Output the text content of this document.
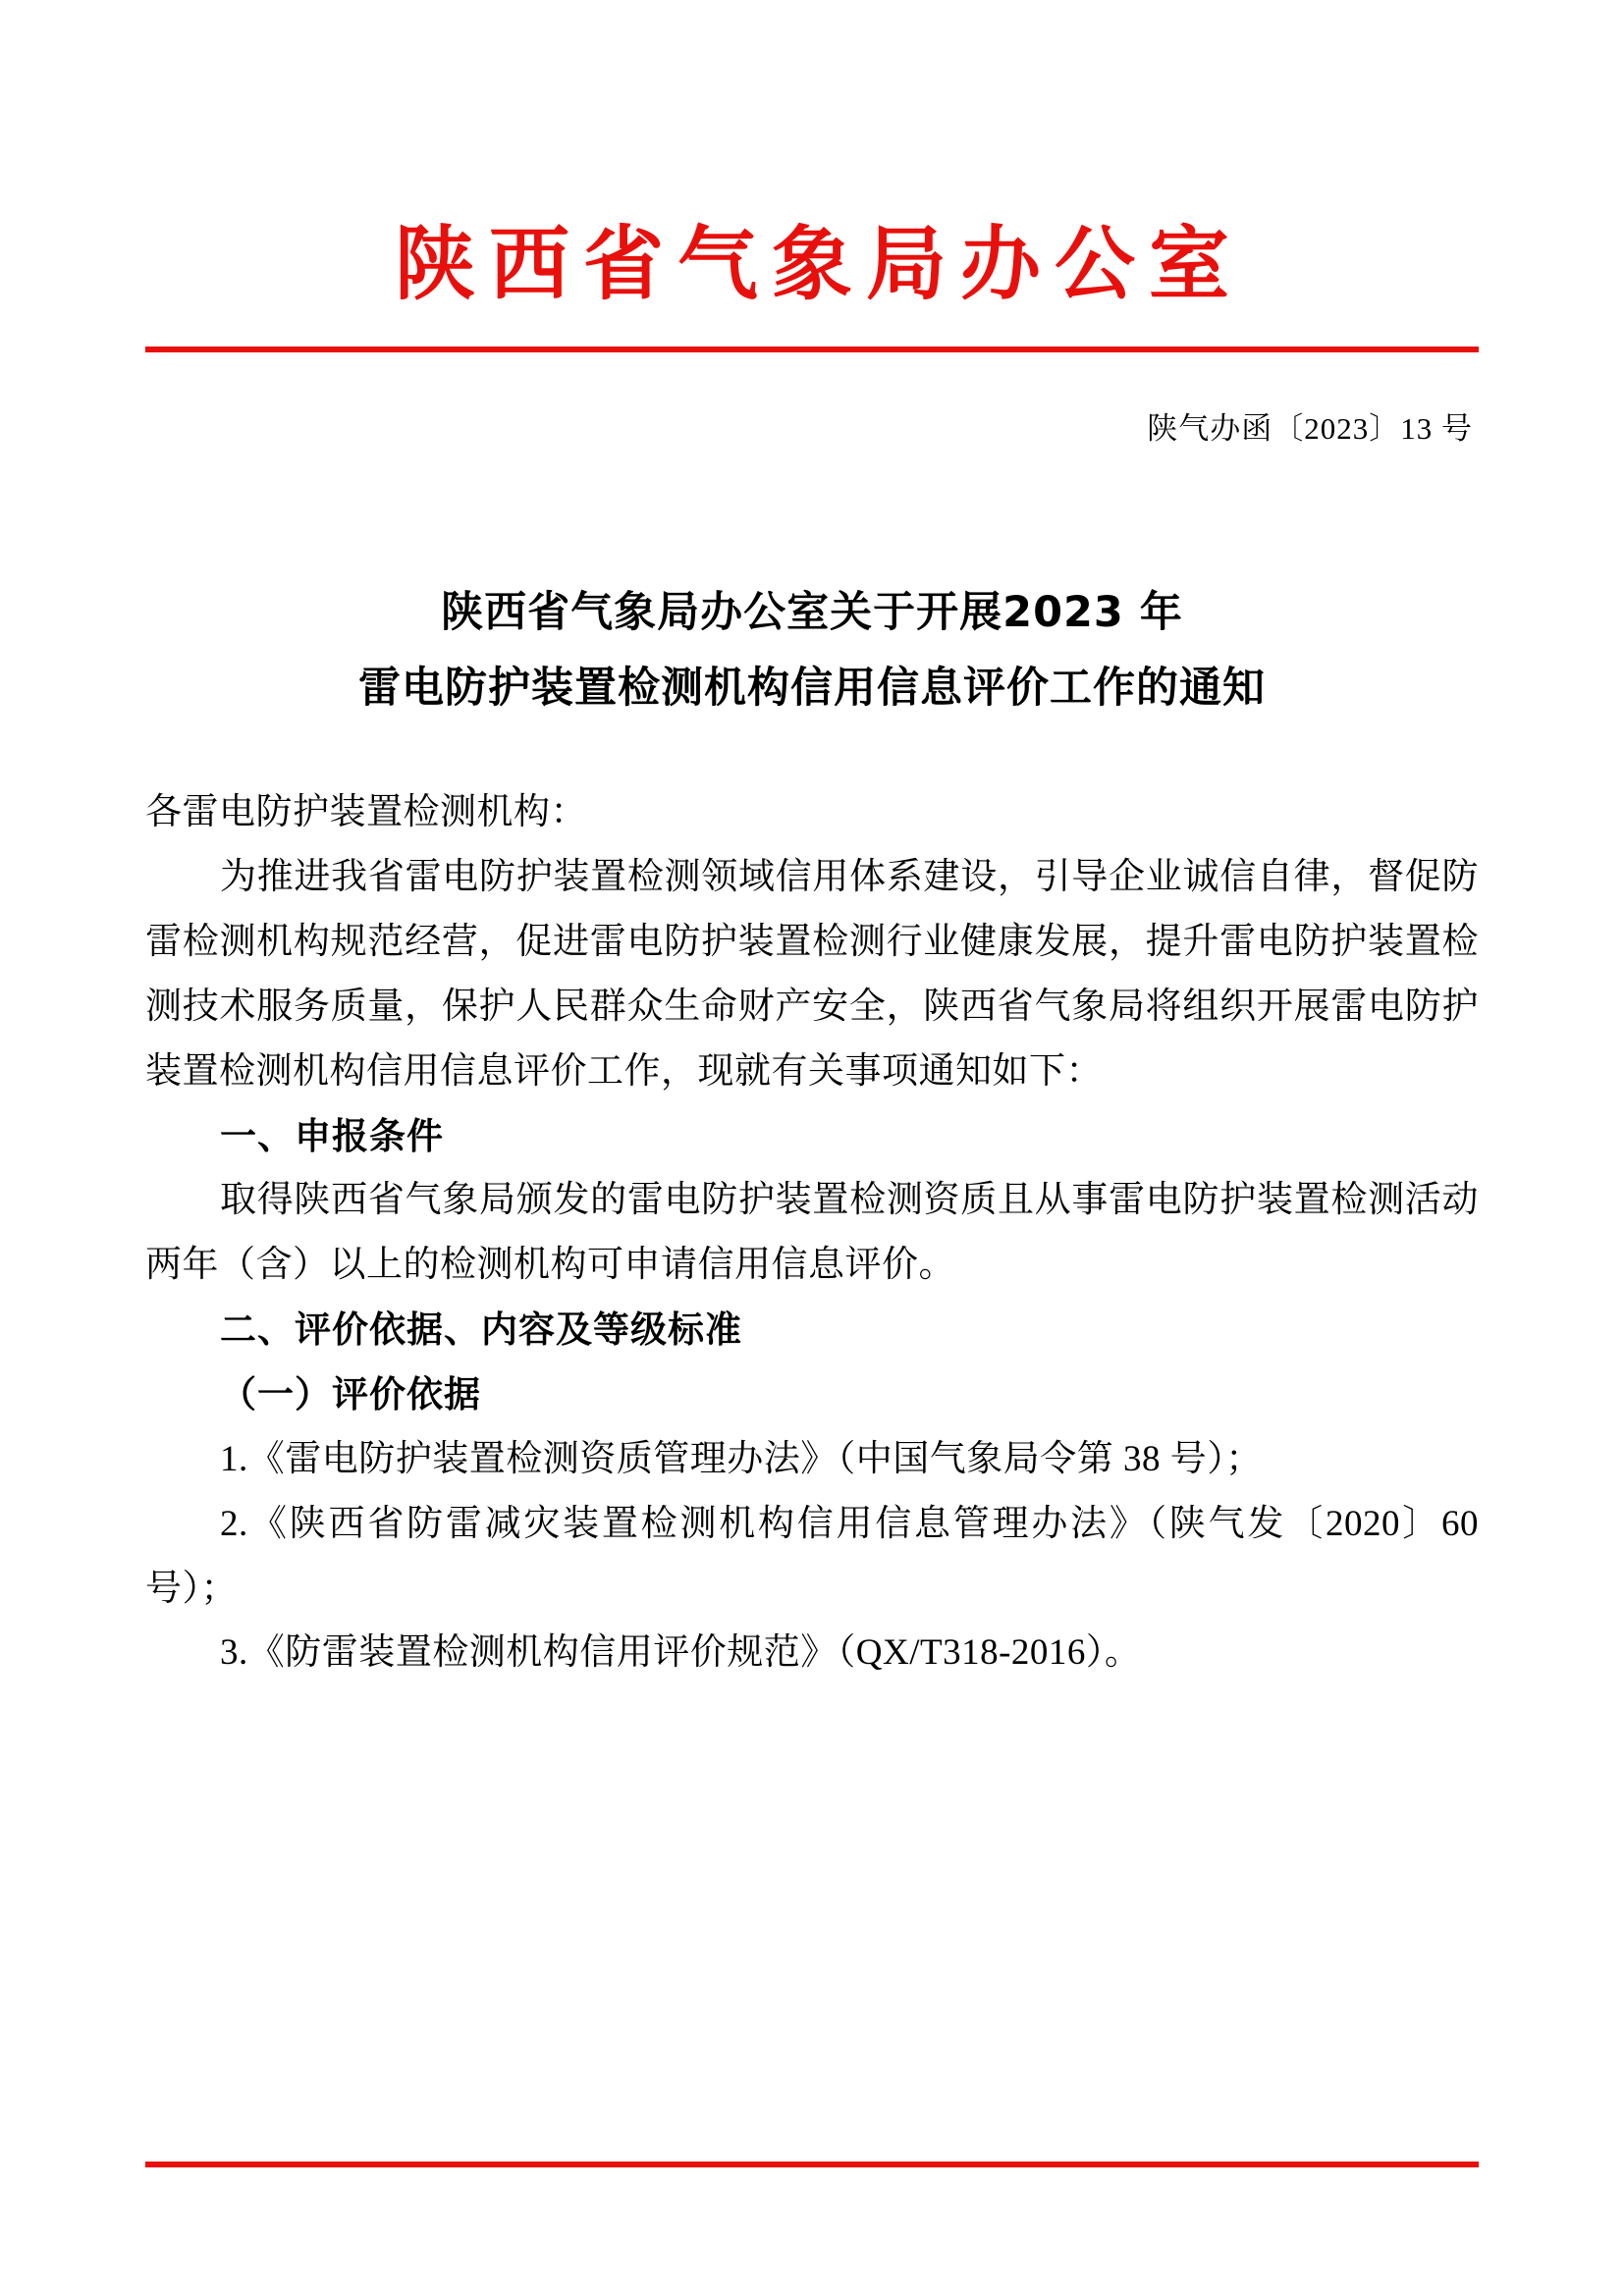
陕西省气象局办公室
陕气办函〔2023〕13 号
陕西省气象局办公室关于开展2023 年
雷电防护装置检测机构信用信息评价工作的通知

各雷电防护装置检测机构：

为推进我省雷电防护装置检测领域信用体系建设，引导企业诚信自律，督促防雷检测机构规范经营，促进雷电防护装置检测行业健康发展，提升雷电防护装置检测技术服务质量，保护人民群众生命财产安全，陕西省气象局将组织开展雷电防护装置检测机构信用信息评价工作，现就有关事项通知如下：

一、申报条件

取得陕西省气象局颁发的雷电防护装置检测资质且从事雷电防护装置检测活动两年（含）以上的检测机构可申请信用信息评价。

二、评价依据、内容及等级标准

（一）评价依据

1.《雷电防护装置检测资质管理办法》（中国气象局令第 38 号）；

2.《陕西省防雷减灾装置检测机构信用信息管理办法》（陕气发〔2020〕60 号）；

3.《防雷装置检测机构信用评价规范》（QX/T318-2016）。
